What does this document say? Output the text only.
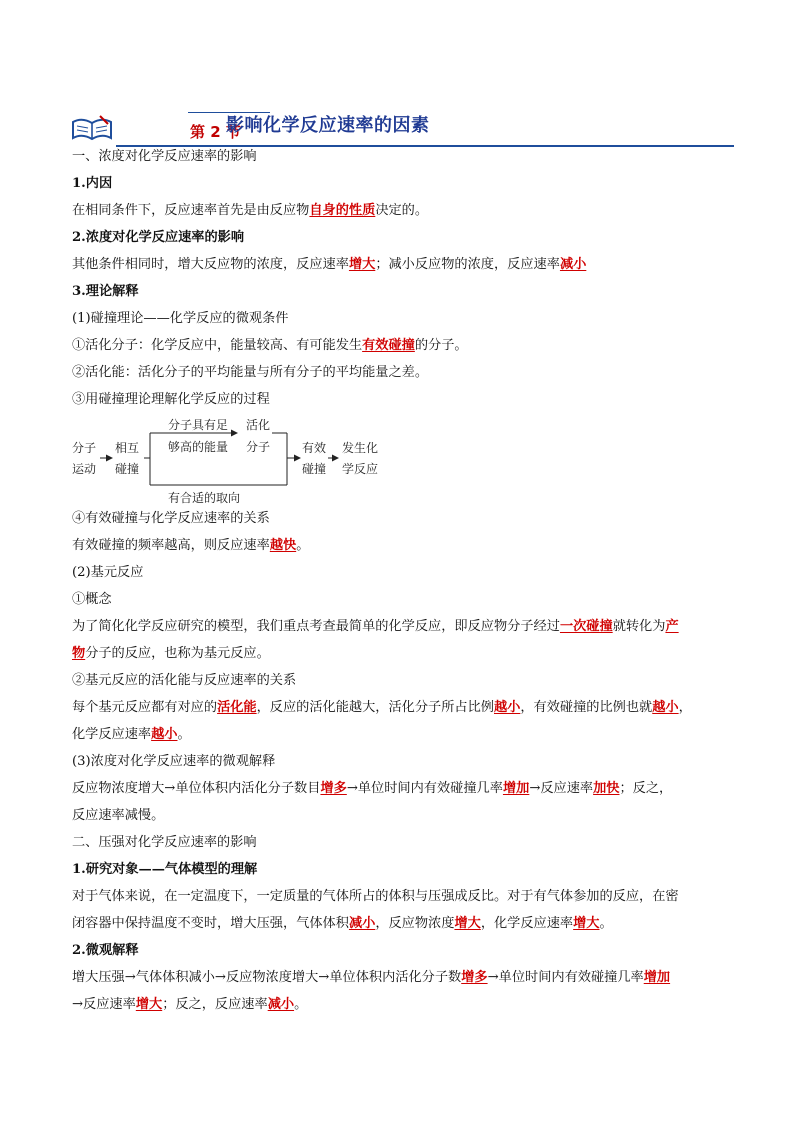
第 2 节
影响化学反应速率的因素
一、浓度对化学反应速率的影响
1.内因
在相同条件下，反应速率首先是由反应物自身的性质决定的。
2.浓度对化学反应速率的影响
其他条件相同时，增大反应物的浓度，反应速率增大；减小反应物的浓度，反应速率减小
3.理论解释
(1)碰撞理论——化学反应的微观条件
①活化分子：化学反应中，能量较高、有可能发生有效碰撞的分子。
②活化能：活化分子的平均能量与所有分子的平均能量之差。
③用碰撞理论理解化学反应的过程
分子
运动
相互
碰撞
分子具有足
够高的能量
活化
分子
有合适的取向
有效
碰撞
发生化
学反应
④有效碰撞与化学反应速率的关系
有效碰撞的频率越高，则反应速率越快。
(2)基元反应
①概念
为了简化化学反应研究的模型，我们重点考查最简单的化学反应，即反应物分子经过一次碰撞就转化为产
物分子的反应，也称为基元反应。
②基元反应的活化能与反应速率的关系
每个基元反应都有对应的活化能，反应的活化能越大，活化分子所占比例越小，有效碰撞的比例也就越小，
化学反应速率越小。
(3)浓度对化学反应速率的微观解释
反应物浓度增大→单位体积内活化分子数目增多→单位时间内有效碰撞几率增加→反应速率加快；反之，
反应速率减慢。
二、压强对化学反应速率的影响
1.研究对象——气体模型的理解
对于气体来说，在一定温度下，一定质量的气体所占的体积与压强成反比。对于有气体参加的反应，在密
闭容器中保持温度不变时，增大压强，气体体积减小，反应物浓度增大，化学反应速率增大。
2.微观解释
增大压强→气体体积减小→反应物浓度增大→单位体积内活化分子数增多→单位时间内有效碰撞几率增加
→反应速率增大；反之，反应速率减小。
